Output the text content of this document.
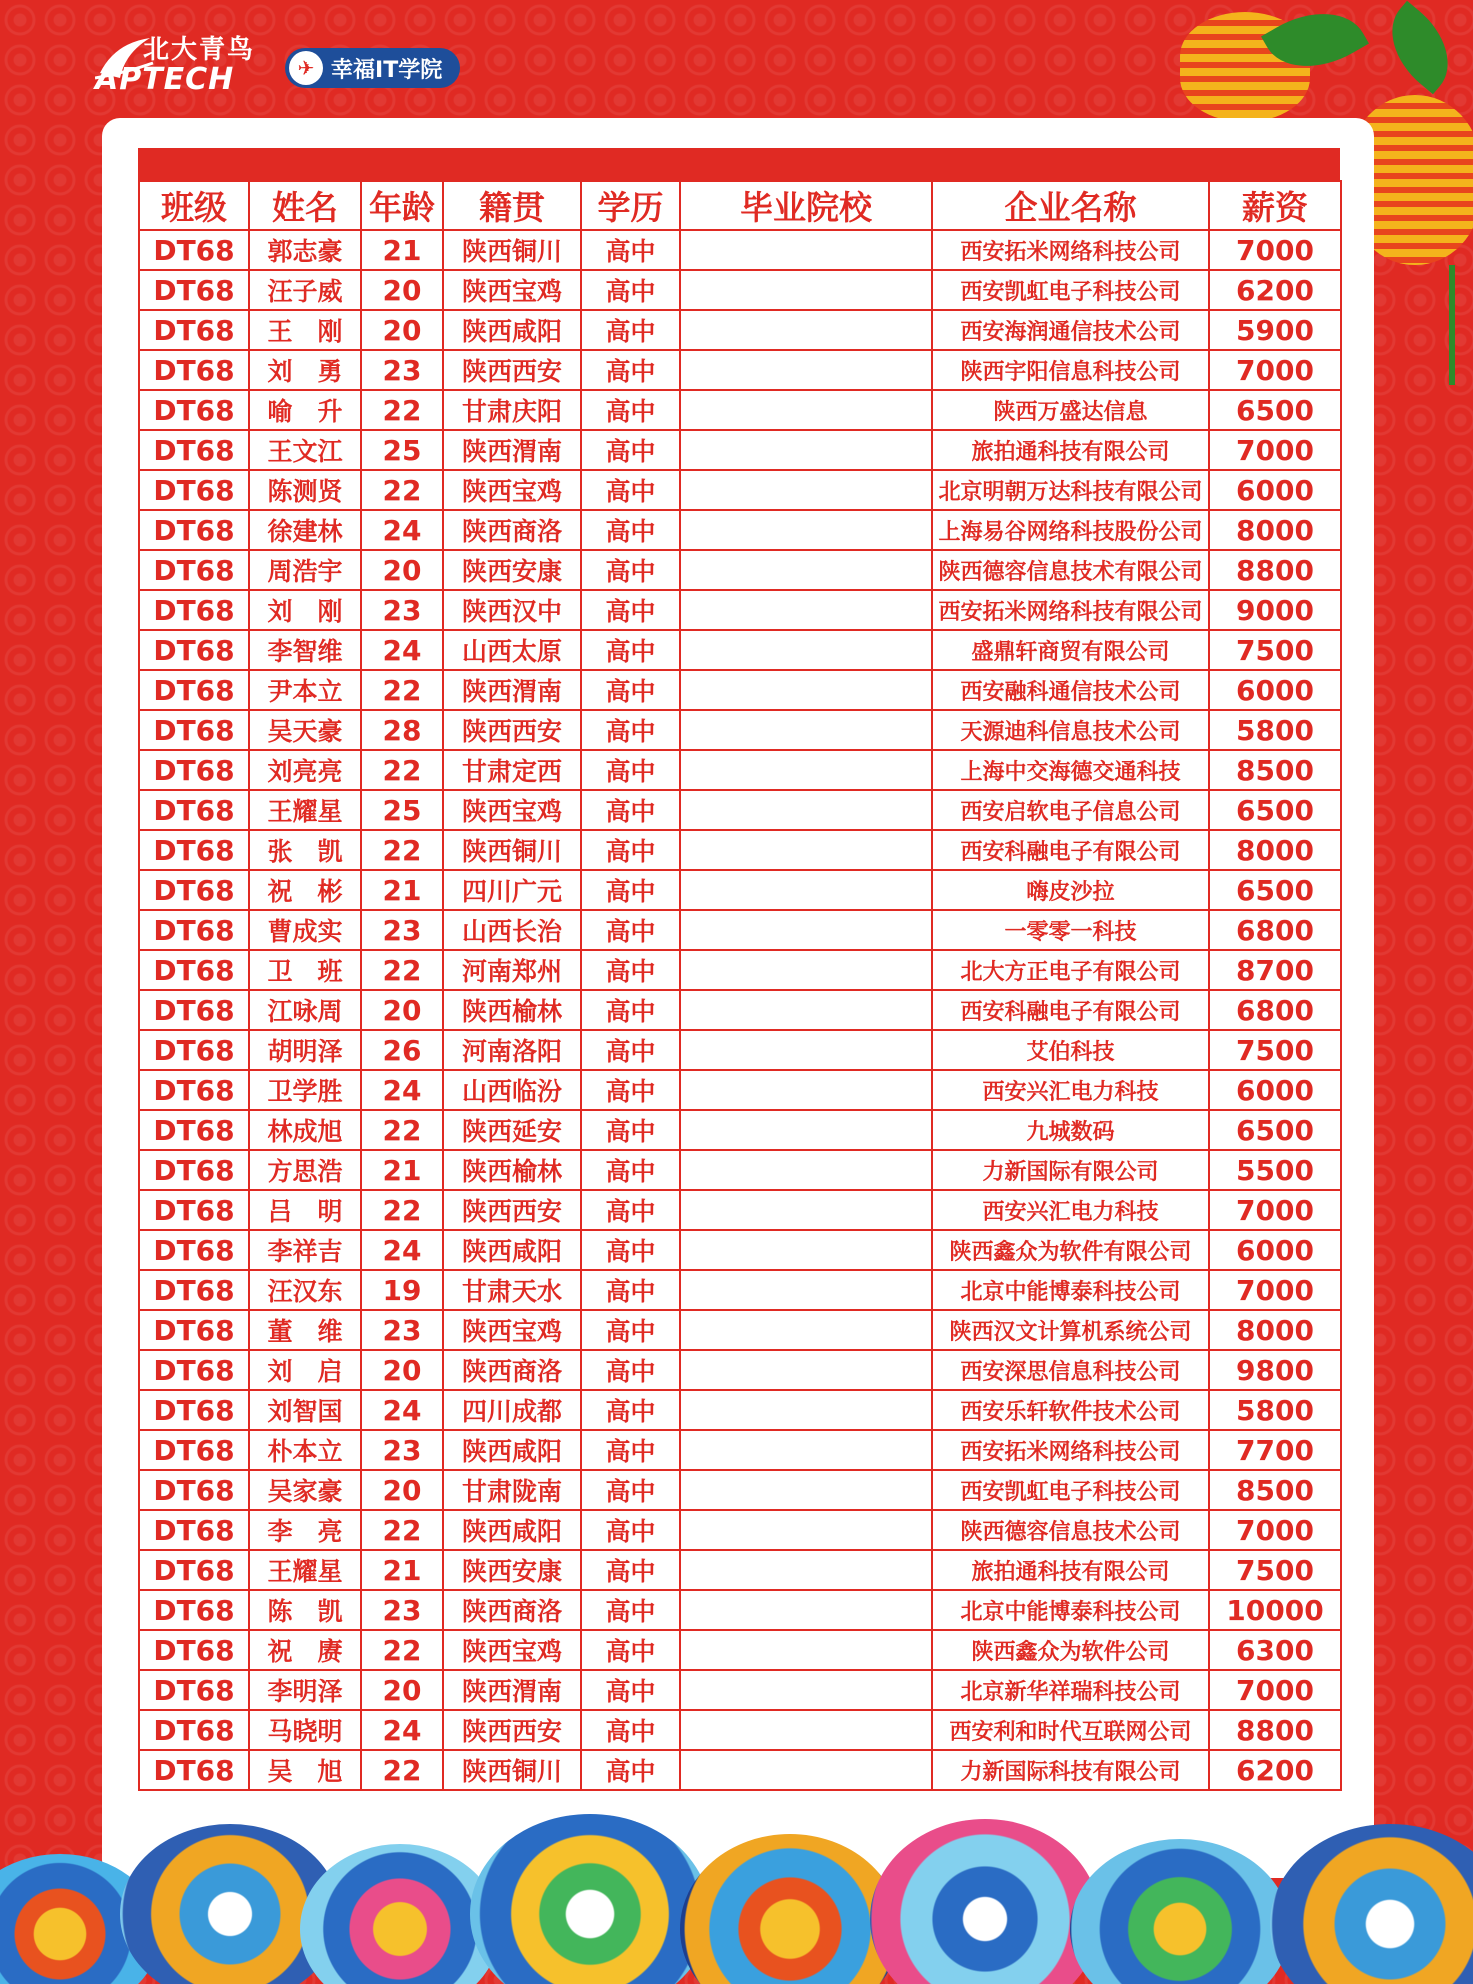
北大青鸟
APTECH	✈ 幸福IT学院
班级	姓名	年龄	籍贯	学历	毕业院校	企业名称	薪资
DT68	郭志豪	21	陕西铜川	高中		西安拓米网络科技公司	7000
DT68	汪子威	20	陕西宝鸡	高中		西安凯虹电子科技公司	6200
DT68	王　刚	20	陕西咸阳	高中		西安海润通信技术公司	5900
DT68	刘　勇	23	陕西西安	高中		陕西宇阳信息科技公司	7000
DT68	喻　升	22	甘肃庆阳	高中		陕西万盛达信息	6500
DT68	王文江	25	陕西渭南	高中		旅拍通科技有限公司	7000
DT68	陈测贤	22	陕西宝鸡	高中		北京明朝万达科技有限公司	6000
DT68	徐建林	24	陕西商洛	高中		上海易谷网络科技股份公司	8000
DT68	周浩宇	20	陕西安康	高中		陕西德容信息技术有限公司	8800
DT68	刘　刚	23	陕西汉中	高中		西安拓米网络科技有限公司	9000
DT68	李智维	24	山西太原	高中		盛鼎轩商贸有限公司	7500
DT68	尹本立	22	陕西渭南	高中		西安融科通信技术公司	6000
DT68	吴天豪	28	陕西西安	高中		天源迪科信息技术公司	5800
DT68	刘亮亮	22	甘肃定西	高中		上海中交海德交通科技	8500
DT68	王耀星	25	陕西宝鸡	高中		西安启软电子信息公司	6500
DT68	张　凯	22	陕西铜川	高中		西安科融电子有限公司	8000
DT68	祝　彬	21	四川广元	高中		嗨皮沙拉	6500
DT68	曹成实	23	山西长治	高中		一零零一科技	6800
DT68	卫　班	22	河南郑州	高中		北大方正电子有限公司	8700
DT68	江咏周	20	陕西榆林	高中		西安科融电子有限公司	6800
DT68	胡明泽	26	河南洛阳	高中		艾伯科技	7500
DT68	卫学胜	24	山西临汾	高中		西安兴汇电力科技	6000
DT68	林成旭	22	陕西延安	高中		九城数码	6500
DT68	方思浩	21	陕西榆林	高中		力新国际有限公司	5500
DT68	吕　明	22	陕西西安	高中		西安兴汇电力科技	7000
DT68	李祥吉	24	陕西咸阳	高中		陕西鑫众为软件有限公司	6000
DT68	汪汉东	19	甘肃天水	高中		北京中能博泰科技公司	7000
DT68	董　维	23	陕西宝鸡	高中		陕西汉文计算机系统公司	8000
DT68	刘　启	20	陕西商洛	高中		西安深思信息科技公司	9800
DT68	刘智国	24	四川成都	高中		西安乐轩软件技术公司	5800
DT68	朴本立	23	陕西咸阳	高中		西安拓米网络科技公司	7700
DT68	吴家豪	20	甘肃陇南	高中		西安凯虹电子科技公司	8500
DT68	李　亮	22	陕西咸阳	高中		陕西德容信息技术公司	7000
DT68	王耀星	21	陕西安康	高中		旅拍通科技有限公司	7500
DT68	陈　凯	23	陕西商洛	高中		北京中能博泰科技公司	10000
DT68	祝　赓	22	陕西宝鸡	高中		陕西鑫众为软件公司	6300
DT68	李明泽	20	陕西渭南	高中		北京新华祥瑞科技公司	7000
DT68	马晓明	24	陕西西安	高中		西安利和时代互联网公司	8800
DT68	吴　旭	22	陕西铜川	高中		力新国际科技有限公司	6200
